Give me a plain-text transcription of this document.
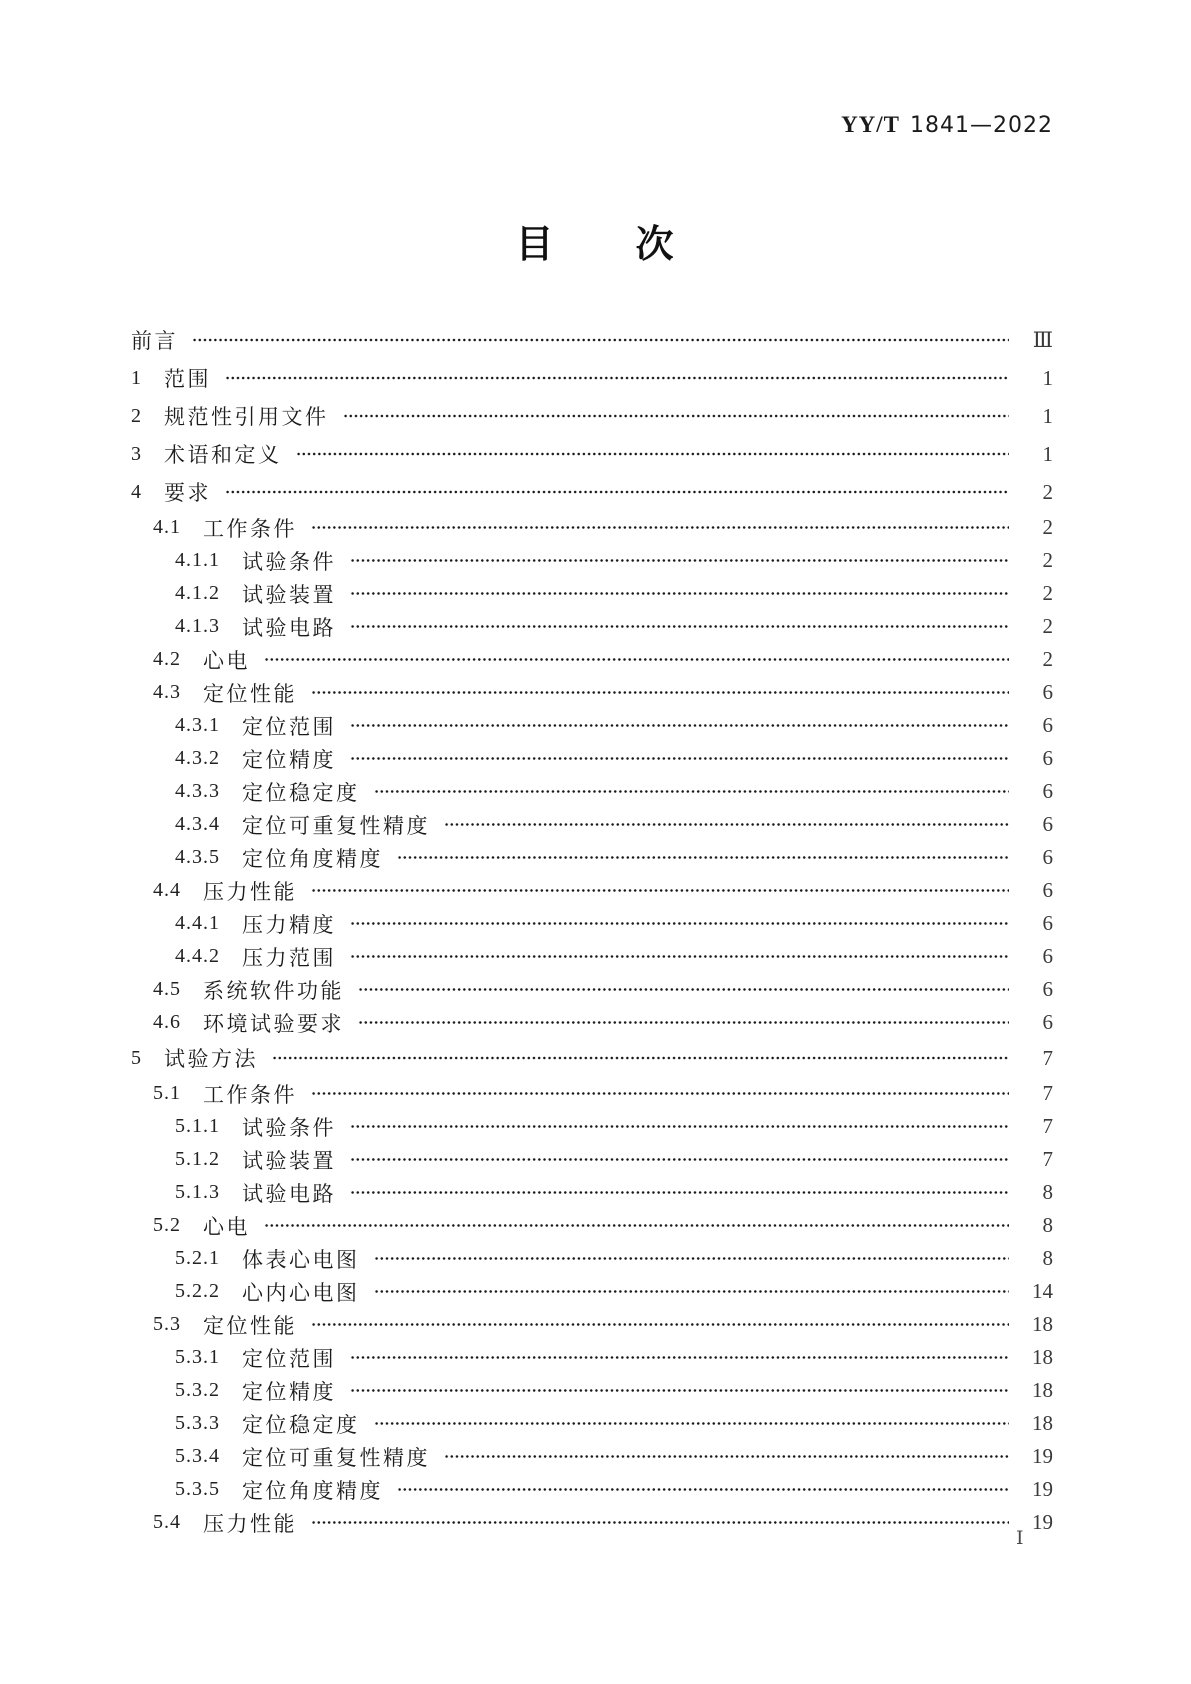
YY/T 1841—2022
目　　次
前言	Ⅲ
1 范围	1
2 规范性引用文件	1
3 术语和定义	1
4 要求	2
4.1 工作条件	2
4.1.1 试验条件	2
4.1.2 试验装置	2
4.1.3 试验电路	2
4.2 心电	2
4.3 定位性能	6
4.3.1 定位范围	6
4.3.2 定位精度	6
4.3.3 定位稳定度	6
4.3.4 定位可重复性精度	6
4.3.5 定位角度精度	6
4.4 压力性能	6
4.4.1 压力精度	6
4.4.2 压力范围	6
4.5 系统软件功能	6
4.6 环境试验要求	6
5 试验方法	7
5.1 工作条件	7
5.1.1 试验条件	7
5.1.2 试验装置	7
5.1.3 试验电路	8
5.2 心电	8
5.2.1 体表心电图	8
5.2.2 心内心电图	14
5.3 定位性能	18
5.3.1 定位范围	18
5.3.2 定位精度	18
5.3.3 定位稳定度	18
5.3.4 定位可重复性精度	19
5.3.5 定位角度精度	19
5.4 压力性能	19
Ⅰ
